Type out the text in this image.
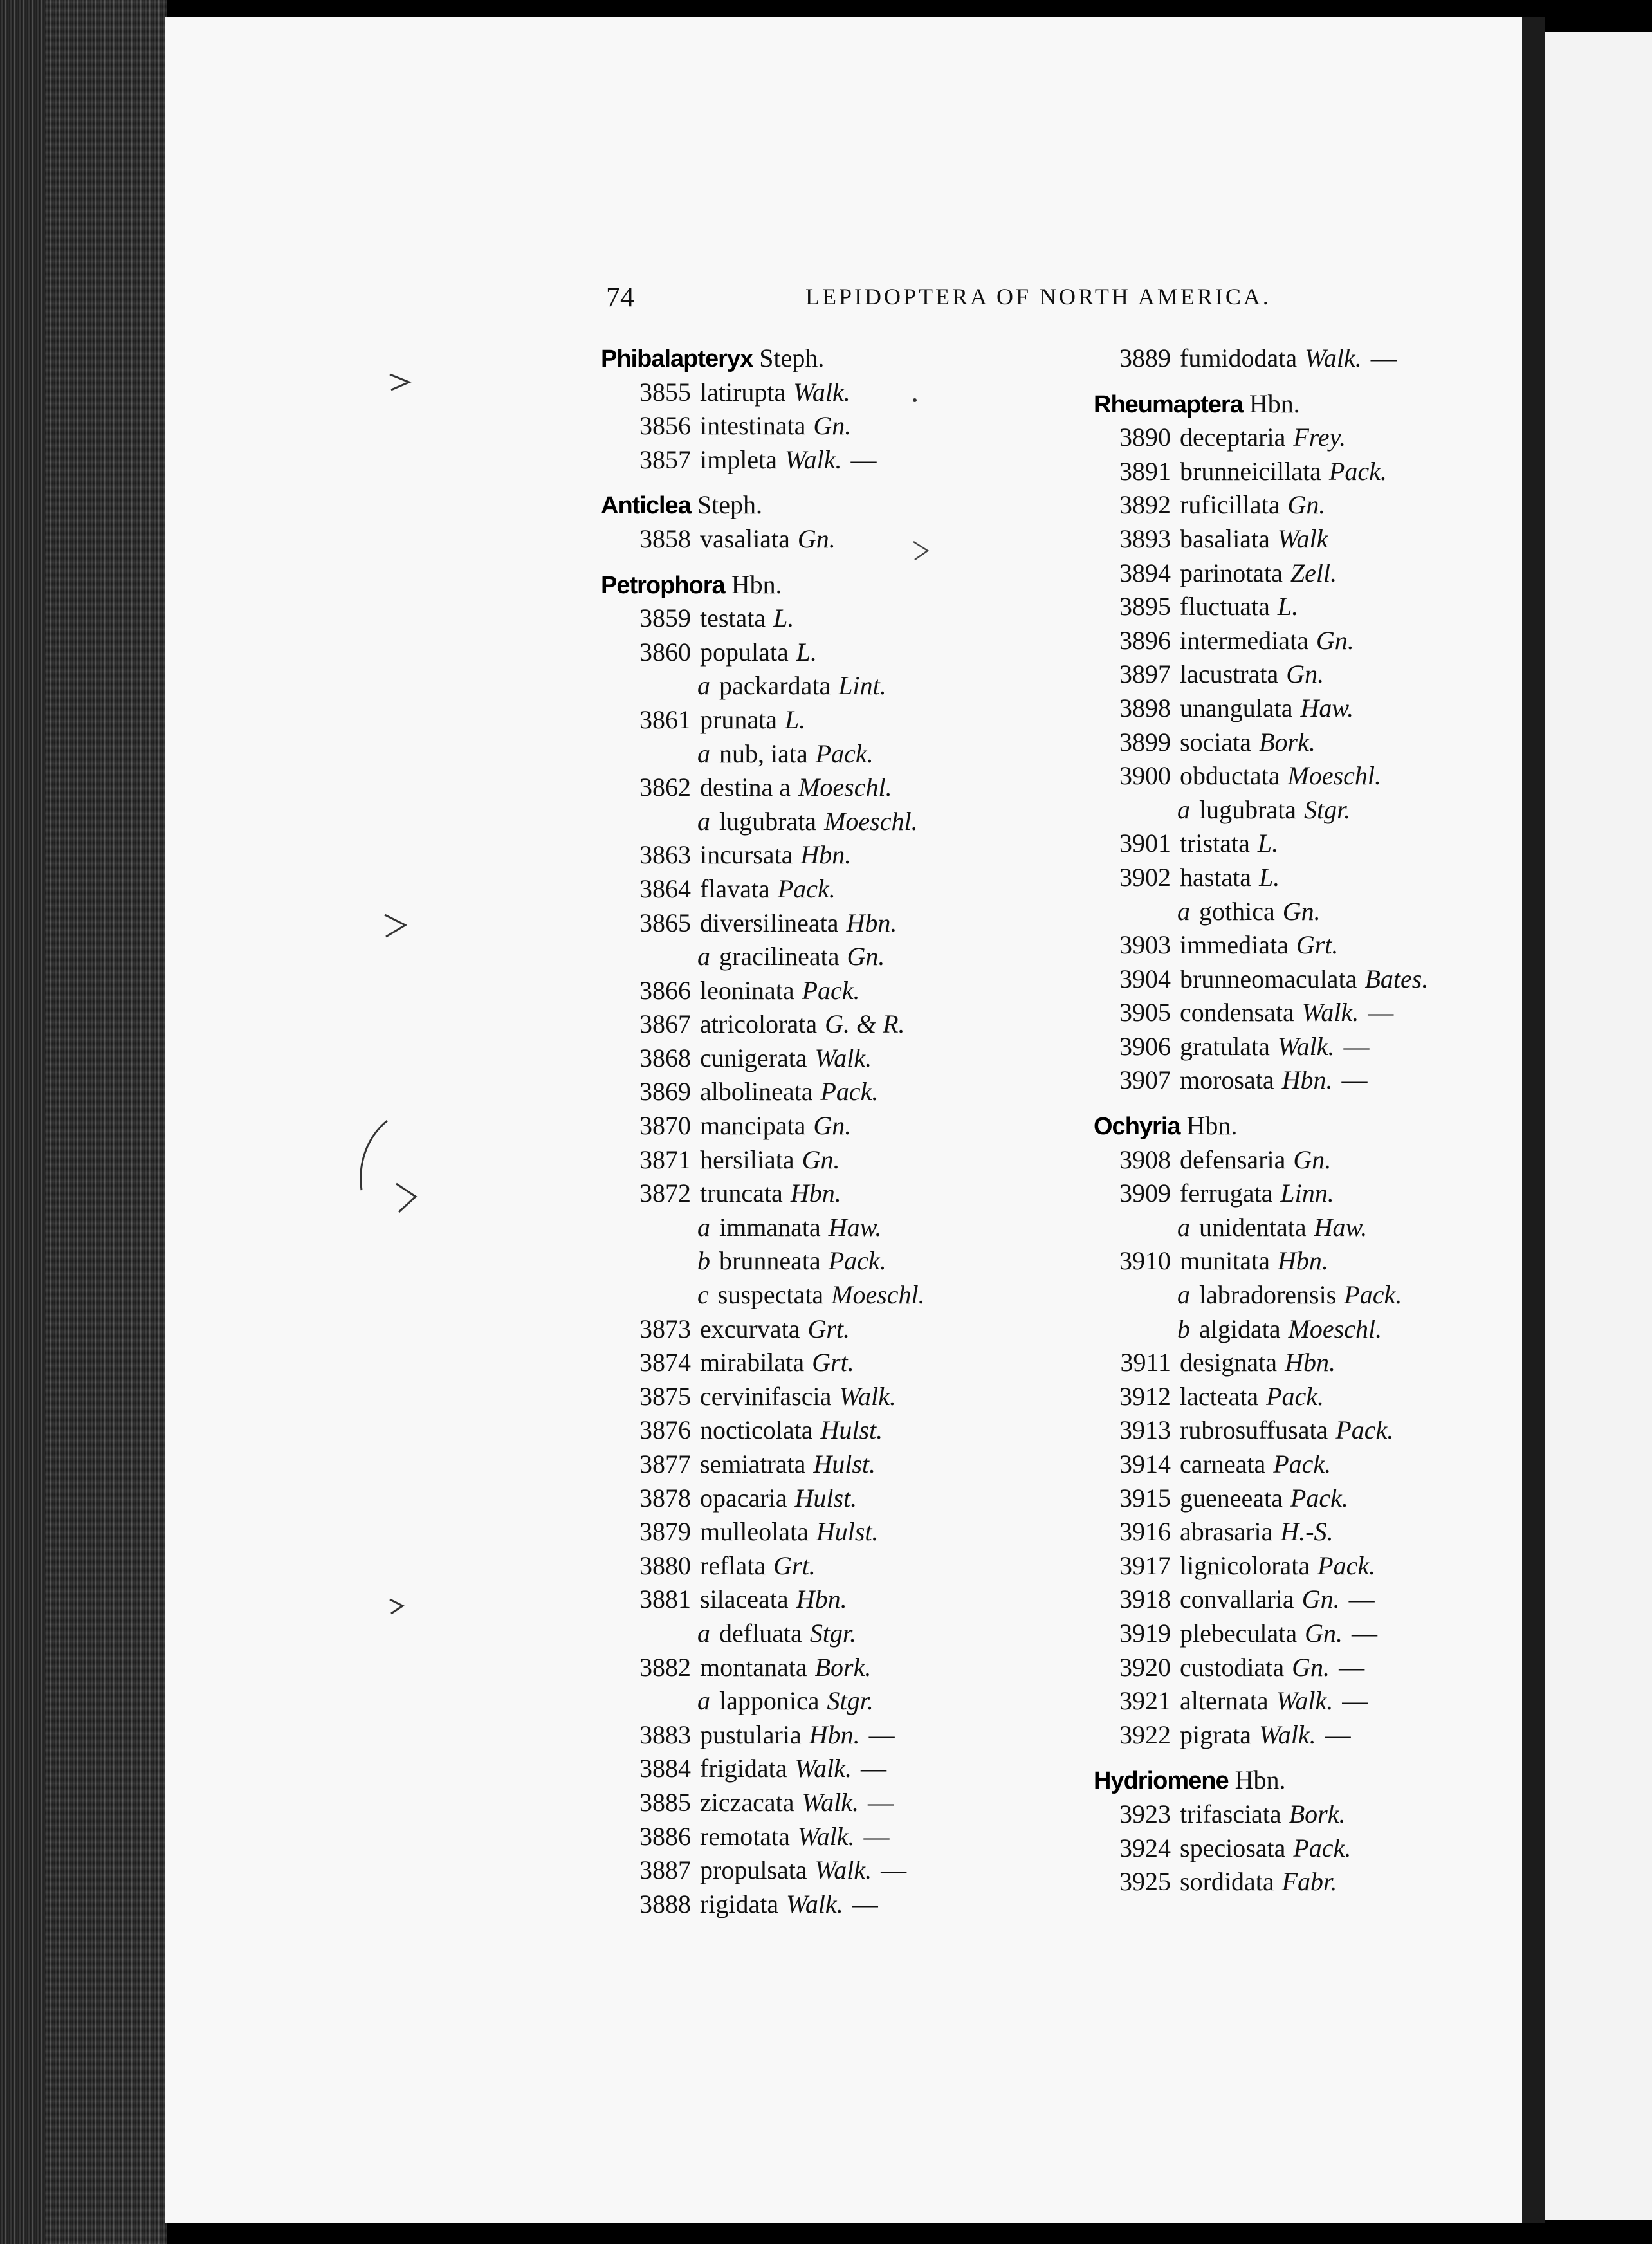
74	LEPIDOPTERA OF NORTH AMERICA.
Phibalapteryx Steph.
3855 latirupta Walk.
3856 intestinata Gn.
3857 impleta Walk. —
Anticlea Steph.
3858 vasaliata Gn.
Petrophora Hbn.
3859 testata L.
3860 populata L.
a packardata Lint.
3861 prunata L.
a nub, iata Pack.
3862 destina a Moeschl.
a lugubrata Moeschl.
3863 incursata Hbn.
3864 flavata Pack.
3865 diversilineata Hbn.
a gracilineata Gn.
3866 leoninata Pack.
3867 atricolorata G. & R.
3868 cunigerata Walk.
3869 albolineata Pack.
3870 mancipata Gn.
3871 hersiliata Gn.
3872 truncata Hbn.
a immanata Haw.
b brunneata Pack.
c suspectata Moeschl.
3873 excurvata Grt.
3874 mirabilata Grt.
3875 cervinifascia Walk.
3876 nocticolata Hulst.
3877 semiatrata Hulst.
3878 opacaria Hulst.
3879 mulleolata Hulst.
3880 reflata Grt.
3881 silaceata Hbn.
a defluata Stgr.
3882 montanata Bork.
a lapponica Stgr.
3883 pustularia Hbn. —
3884 frigidata Walk. —
3885 ziczacata Walk. —
3886 remotata Walk. —
3887 propulsata Walk. —
3888 rigidata Walk. —
3889 fumidodata Walk. —
Rheumaptera Hbn.
3890 deceptaria Frey.
3891 brunneicillata Pack.
3892 ruficillata Gn.
3893 basaliata Walk
3894 parinotata Zell.
3895 fluctuata L.
3896 intermediata Gn.
3897 lacustrata Gn.
3898 unangulata Haw.
3899 sociata Bork.
3900 obductata Moeschl.
a lugubrata Stgr.
3901 tristata L.
3902 hastata L.
a gothica Gn.
3903 immediata Grt.
3904 brunneomaculata Bates.
3905 condensata Walk. —
3906 gratulata Walk. —
3907 morosata Hbn. —
Ochyria Hbn.
3908 defensaria Gn.
3909 ferrugata Linn.
a unidentata Haw.
3910 munitata Hbn.
a labradorensis Pack.
b algidata Moeschl.
3911 designata Hbn.
3912 lacteata Pack.
3913 rubrosuffusata Pack.
3914 carneata Pack.
3915 gueneeata Pack.
3916 abrasaria H.-S.
3917 lignicolorata Pack.
3918 convallaria Gn. —
3919 plebeculata Gn. —
3920 custodiata Gn. —
3921 alternata Walk. —
3922 pigrata Walk. —
Hydriomene Hbn.
3923 trifasciata Bork.
3924 speciosata Pack.
3925 sordidata Fabr.
